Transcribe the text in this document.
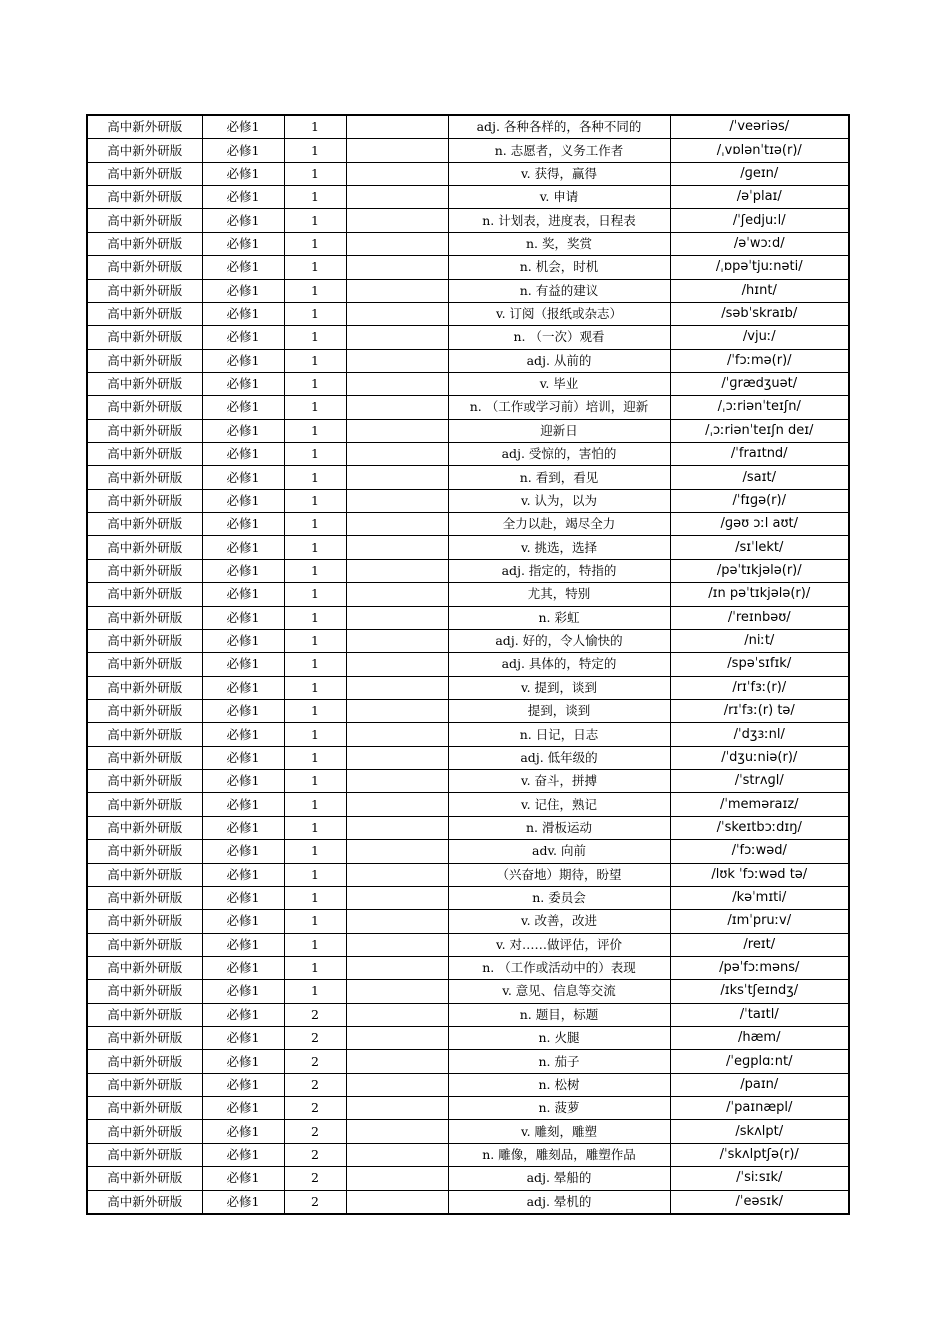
高中新外研版	必修1	1		adj. 各种各样的，各种不同的	/ˈveəriəs/
高中新外研版	必修1	1		n. 志愿者，义务工作者	/ˌvɒlənˈtɪə(r)/
高中新外研版	必修1	1		v. 获得，赢得	/ɡeɪn/
高中新外研版	必修1	1		v. 申请	/əˈplaɪ/
高中新外研版	必修1	1		n. 计划表，进度表，日程表	/ˈʃedjuːl/
高中新外研版	必修1	1		n. 奖，奖赏	/əˈwɔːd/
高中新外研版	必修1	1		n. 机会，时机	/ˌɒpəˈtjuːnəti/
高中新外研版	必修1	1		n. 有益的建议	/hɪnt/
高中新外研版	必修1	1		v. 订阅（报纸或杂志）	/səbˈskraɪb/
高中新外研版	必修1	1		n. （一次）观看	/vjuː/
高中新外研版	必修1	1		adj. 从前的	/ˈfɔːmə(r)/
高中新外研版	必修1	1		v. 毕业	/ˈɡrædʒuət/
高中新外研版	必修1	1		n. （工作或学习前）培训，迎新	/ˌɔːriənˈteɪʃn/
高中新外研版	必修1	1		迎新日	/ˌɔːriənˈteɪʃn deɪ/
高中新外研版	必修1	1		adj. 受惊的，害怕的	/ˈfraɪtnd/
高中新外研版	必修1	1		n. 看到，看见	/saɪt/
高中新外研版	必修1	1		v. 认为，以为	/ˈfɪɡə(r)/
高中新外研版	必修1	1		全力以赴，竭尽全力	/ɡəʊ ɔːl aʊt/
高中新外研版	必修1	1		v. 挑选，选择	/sɪˈlekt/
高中新外研版	必修1	1		adj. 指定的，特指的	/pəˈtɪkjələ(r)/
高中新外研版	必修1	1		尤其，特别	/ɪn pəˈtɪkjələ(r)/
高中新外研版	必修1	1		n. 彩虹	/ˈreɪnbəʊ/
高中新外研版	必修1	1		adj. 好的，令人愉快的	/niːt/
高中新外研版	必修1	1		adj. 具体的，特定的	/spəˈsɪfɪk/
高中新外研版	必修1	1		v. 提到，谈到	/rɪˈfɜː(r)/
高中新外研版	必修1	1		提到，谈到	/rɪˈfɜː(r) tə/
高中新外研版	必修1	1		n. 日记，日志	/ˈdʒɜːnl/
高中新外研版	必修1	1		adj. 低年级的	/ˈdʒuːniə(r)/
高中新外研版	必修1	1		v. 奋斗，拼搏	/ˈstrʌɡl/
高中新外研版	必修1	1		v. 记住，熟记	/ˈmeməraɪz/
高中新外研版	必修1	1		n. 滑板运动	/ˈskeɪtbɔːdɪŋ/
高中新外研版	必修1	1		adv. 向前	/ˈfɔːwəd/
高中新外研版	必修1	1		（兴奋地）期待，盼望	/lʊk ˈfɔːwəd tə/
高中新外研版	必修1	1		n. 委员会	/kəˈmɪti/
高中新外研版	必修1	1		v. 改善，改进	/ɪmˈpruːv/
高中新外研版	必修1	1		v. 对……做评估，评价	/reɪt/
高中新外研版	必修1	1		n. （工作或活动中的）表现	/pəˈfɔːməns/
高中新外研版	必修1	1		v. 意见、信息等交流	/ɪksˈtʃeɪndʒ/
高中新外研版	必修1	2		n. 题目，标题	/ˈtaɪtl/
高中新外研版	必修1	2		n. 火腿	/hæm/
高中新外研版	必修1	2		n. 茄子	/ˈeɡplɑːnt/
高中新外研版	必修1	2		n. 松树	/paɪn/
高中新外研版	必修1	2		n. 菠萝	/ˈpaɪnæpl/
高中新外研版	必修1	2		v. 雕刻，雕塑	/skʌlpt/
高中新外研版	必修1	2		n. 雕像，雕刻品，雕塑作品	/ˈskʌlptʃə(r)/
高中新外研版	必修1	2		adj. 晕船的	/ˈsiːsɪk/
高中新外研版	必修1	2		adj. 晕机的	/ˈeəsɪk/
